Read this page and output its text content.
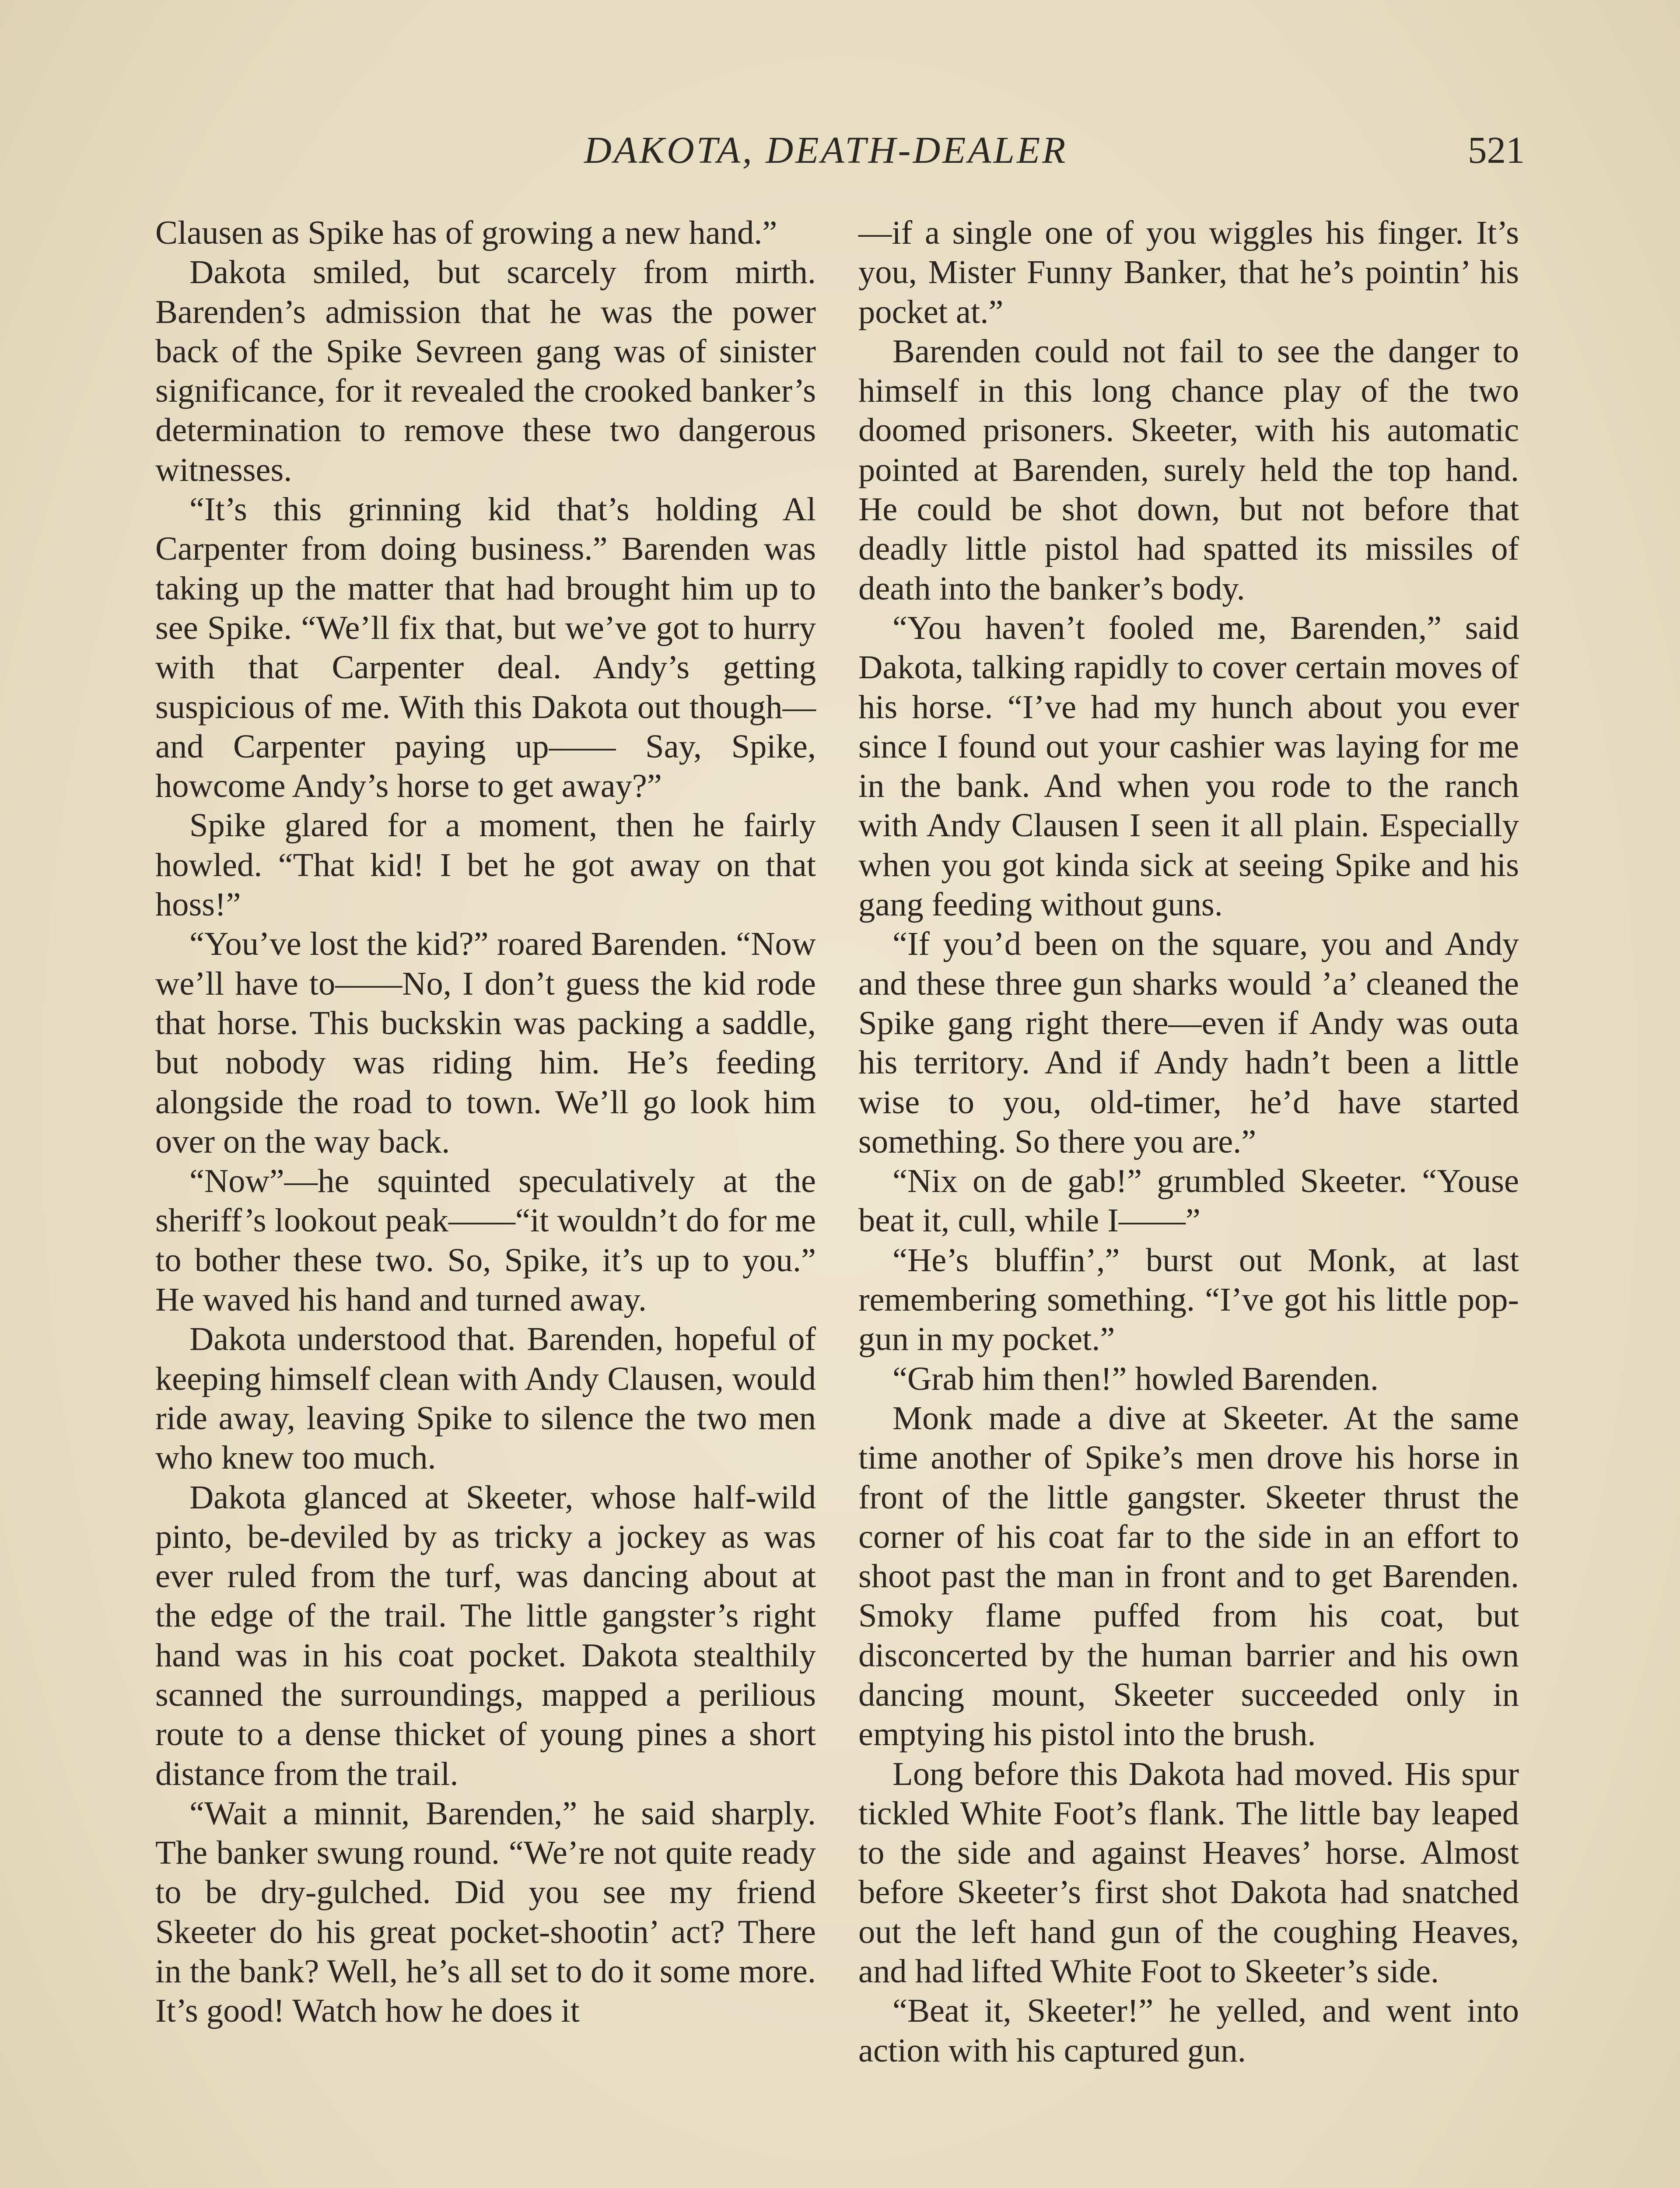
DAKOTA, DEATH-DEALER	521

Clausen as Spike has of growing a new hand.”

Dakota smiled, but scarcely from mirth. Barenden’s admission that he was the power back of the Spike Sevreen gang was of sinister significance, for it revealed the crooked banker’s determination to remove these two dangerous witnesses.

“It’s this grinning kid that’s holding Al Carpenter from doing business.” Barenden was taking up the matter that had brought him up to see Spike. “We’ll fix that, but we’ve got to hurry with that Carpenter deal. Andy’s getting suspicious of me. With this Dakota out though—and Carpenter paying up—— Say, Spike, howcome Andy’s horse to get away?”

Spike glared for a moment, then he fairly howled. “That kid! I bet he got away on that hoss!”

“You’ve lost the kid?” roared Barenden. “Now we’ll have to——No, I don’t guess the kid rode that horse. This buckskin was packing a saddle, but nobody was riding him. He’s feeding alongside the road to town. We’ll go look him over on the way back.

“Now”—he squinted speculatively at the sheriff’s lookout peak——“it wouldn’t do for me to bother these two. So, Spike, it’s up to you.” He waved his hand and turned away.

Dakota understood that. Barenden, hopeful of keeping himself clean with Andy Clausen, would ride away, leaving Spike to silence the two men who knew too much.

Dakota glanced at Skeeter, whose half-wild pinto, be-deviled by as tricky a jockey as was ever ruled from the turf, was dancing about at the edge of the trail. The little gangster’s right hand was in his coat pocket. Dakota stealthily scanned the surroundings, mapped a perilious route to a dense thicket of young pines a short distance from the trail.

“Wait a minnit, Barenden,” he said sharply. The banker swung round. “We’re not quite ready to be dry-gulched. Did you see my friend Skeeter do his great pocket-shootin’ act? There in the bank? Well, he’s all set to do it some more. It’s good! Watch how he does it

—if a single one of you wiggles his finger. It’s you, Mister Funny Banker, that he’s pointin’ his pocket at.”

Barenden could not fail to see the danger to himself in this long chance play of the two doomed prisoners. Skeeter, with his automatic pointed at Barenden, surely held the top hand. He could be shot down, but not before that deadly little pistol had spatted its missiles of death into the banker’s body.

“You haven’t fooled me, Barenden,” said Dakota, talking rapidly to cover certain moves of his horse. “I’ve had my hunch about you ever since I found out your cashier was laying for me in the bank. And when you rode to the ranch with Andy Clausen I seen it all plain. Especially when you got kinda sick at seeing Spike and his gang feeding without guns.

“If you’d been on the square, you and Andy and these three gun sharks would ’a’ cleaned the Spike gang right there—even if Andy was outa his territory. And if Andy hadn’t been a little wise to you, old-timer, he’d have started something. So there you are.”

“Nix on de gab!” grumbled Skeeter. “Youse beat it, cull, while I——”

“He’s bluffin’,” burst out Monk, at last remembering something. “I’ve got his little pop-gun in my pocket.”

“Grab him then!” howled Barenden.

Monk made a dive at Skeeter. At the same time another of Spike’s men drove his horse in front of the little gangster. Skeeter thrust the corner of his coat far to the side in an effort to shoot past the man in front and to get Barenden. Smoky flame puffed from his coat, but disconcerted by the human barrier and his own dancing mount, Skeeter succeeded only in emptying his pistol into the brush.

Long before this Dakota had moved. His spur tickled White Foot’s flank. The little bay leaped to the side and against Heaves’ horse. Almost before Skeeter’s first shot Dakota had snatched out the left hand gun of the coughing Heaves, and had lifted White Foot to Skeeter’s side.

“Beat it, Skeeter!” he yelled, and went into action with his captured gun.
